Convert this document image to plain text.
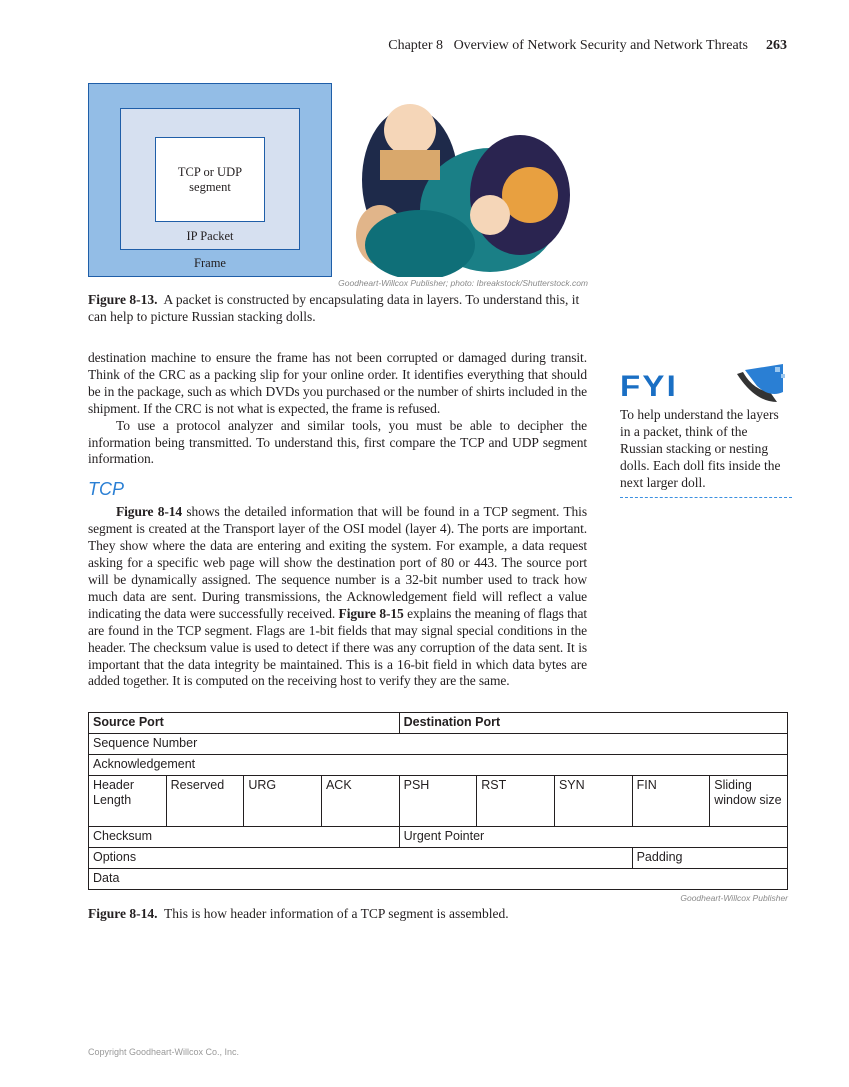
Chapter 8 Overview of Network Security and Network Threats 263
Frame
IP Packet
TCP or UDP segment
Goodheart-Willcox Publisher; photo: Ibreakstock/Shutterstock.com
Figure 8-13. A packet is constructed by encapsulating data in layers. To understand this, it can help to picture Russian stacking dolls.

destination machine to ensure the frame has not been corrupted or damaged during transit. Think of the CRC as a packing slip for your online order. It identifies everything that should be in the package, such as which DVDs you purchased or the number of shirts included in the shipment. If the CRC is not what is expected, the frame is refused.

To use a protocol analyzer and similar tools, you must be able to decipher the information being transmitted. To understand this, first compare the TCP and UDP segment information.

TCP

Figure 8-14 shows the detailed information that will be found in a TCP segment. This segment is created at the Transport layer of the OSI model (layer 4). The ports are important. They show where the data are entering and exiting the system. For example, a data request asking for a specific web page will show the destination port of 80 or 443. The source port will be dynamically assigned. The sequence number is a 32-bit number used to track how much data are sent. During transmissions, the Acknowledgement field will reflect a value indicating the data were successfully received. Figure 8-15 explains the meaning of flags that are found in the TCP segment. Flags are 1-bit fields that may signal special conditions in the header. The checksum value is used to detect if there was any corruption of the data sent. It is important that the data integrity be maintained. This is a 16-bit field in which data bytes are added together. It is computed on the receiving host to verify they are the same.

Source Port				Destination Port				
Sequence Number								
Acknowledgement								
Header Length	Reserved	URG	ACK	PSH	RST	SYN	FIN	Sliding window size
Checksum				Urgent Pointer				
Options							Padding	
Data								
Goodheart-Willcox Publisher
Figure 8-14. This is how header information of a TCP segment is assembled.
FYI
To help understand the layers in a packet, think of the Russian stacking or nesting dolls. Each doll fits inside the next larger doll.
Copyright Goodheart-Willcox Co., Inc.
